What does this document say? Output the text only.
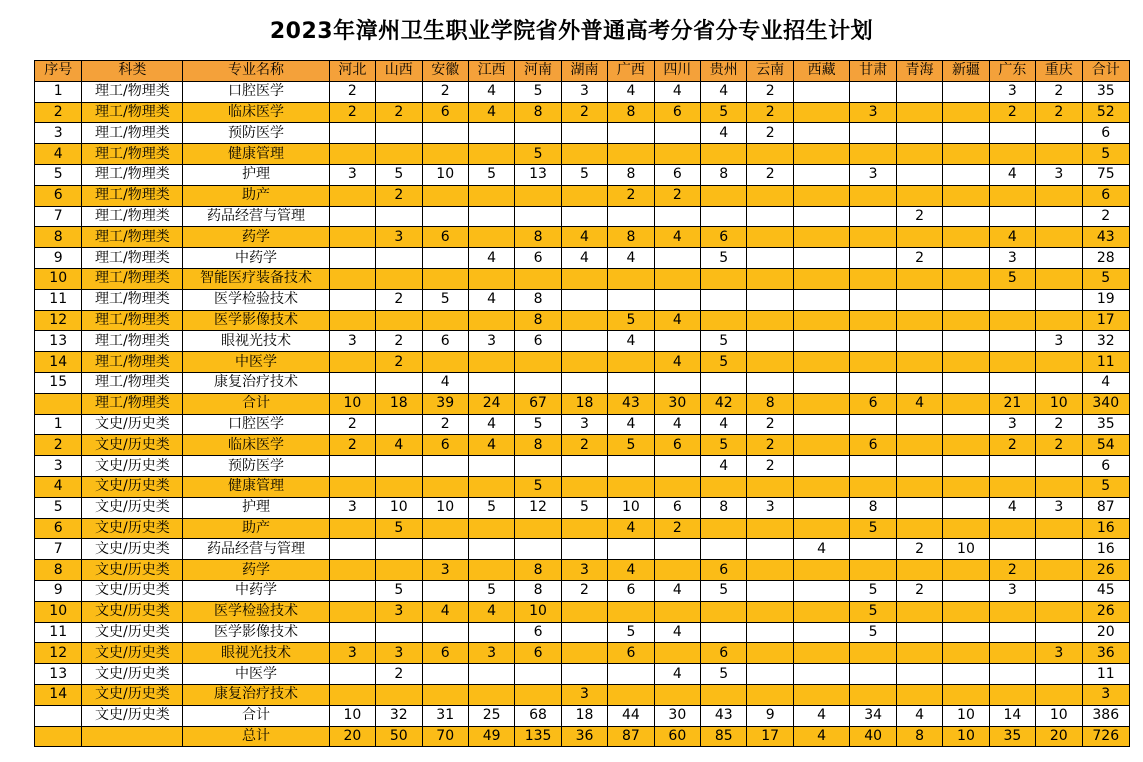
2023年漳州卫生职业学院省外普通高考分省分专业招生计划
序号	科类	专业名称	河北	山西	安徽	江西	河南	湖南	广西	四川	贵州	云南	西藏	甘肃	青海	新疆	广东	重庆	合计
1	理工/物理类	口腔医学	2		2	4	5	3	4	4	4	2					3	2	35
2	理工/物理类	临床医学	2	2	6	4	8	2	8	6	5	2		3			2	2	52
3	理工/物理类	预防医学									4	2							6
4	理工/物理类	健康管理					5												5
5	理工/物理类	护理	3	5	10	5	13	5	8	6	8	2		3			4	3	75
6	理工/物理类	助产		2					2	2									6
7	理工/物理类	药品经营与管理													2				2
8	理工/物理类	药学		3	6		8	4	8	4	6						4		43
9	理工/物理类	中药学				4	6	4	4		5				2		3		28
10	理工/物理类	智能医疗装备技术															5		5
11	理工/物理类	医学检验技术		2	5	4	8												19
12	理工/物理类	医学影像技术					8		5	4									17
13	理工/物理类	眼视光技术	3	2	6	3	6		4		5							3	32
14	理工/物理类	中医学		2						4	5								11
15	理工/物理类	康复治疗技术			4														4
	理工/物理类	合计	10	18	39	24	67	18	43	30	42	8		6	4		21	10	340
1	文史/历史类	口腔医学	2		2	4	5	3	4	4	4	2					3	2	35
2	文史/历史类	临床医学	2	4	6	4	8	2	5	6	5	2		6			2	2	54
3	文史/历史类	预防医学									4	2							6
4	文史/历史类	健康管理					5												5
5	文史/历史类	护理	3	10	10	5	12	5	10	6	8	3		8			4	3	87
6	文史/历史类	助产		5					4	2				5					16
7	文史/历史类	药品经营与管理											4		2	10			16
8	文史/历史类	药学			3		8	3	4		6						2		26
9	文史/历史类	中药学		5		5	8	2	6	4	5			5	2		3		45
10	文史/历史类	医学检验技术		3	4	4	10							5					26
11	文史/历史类	医学影像技术					6		5	4				5					20
12	文史/历史类	眼视光技术	3	3	6	3	6		6		6							3	36
13	文史/历史类	中医学		2						4	5								11
14	文史/历史类	康复治疗技术						3											3
	文史/历史类	合计	10	32	31	25	68	18	44	30	43	9	4	34	4	10	14	10	386
		总计	20	50	70	49	135	36	87	60	85	17	4	40	8	10	35	20	726
